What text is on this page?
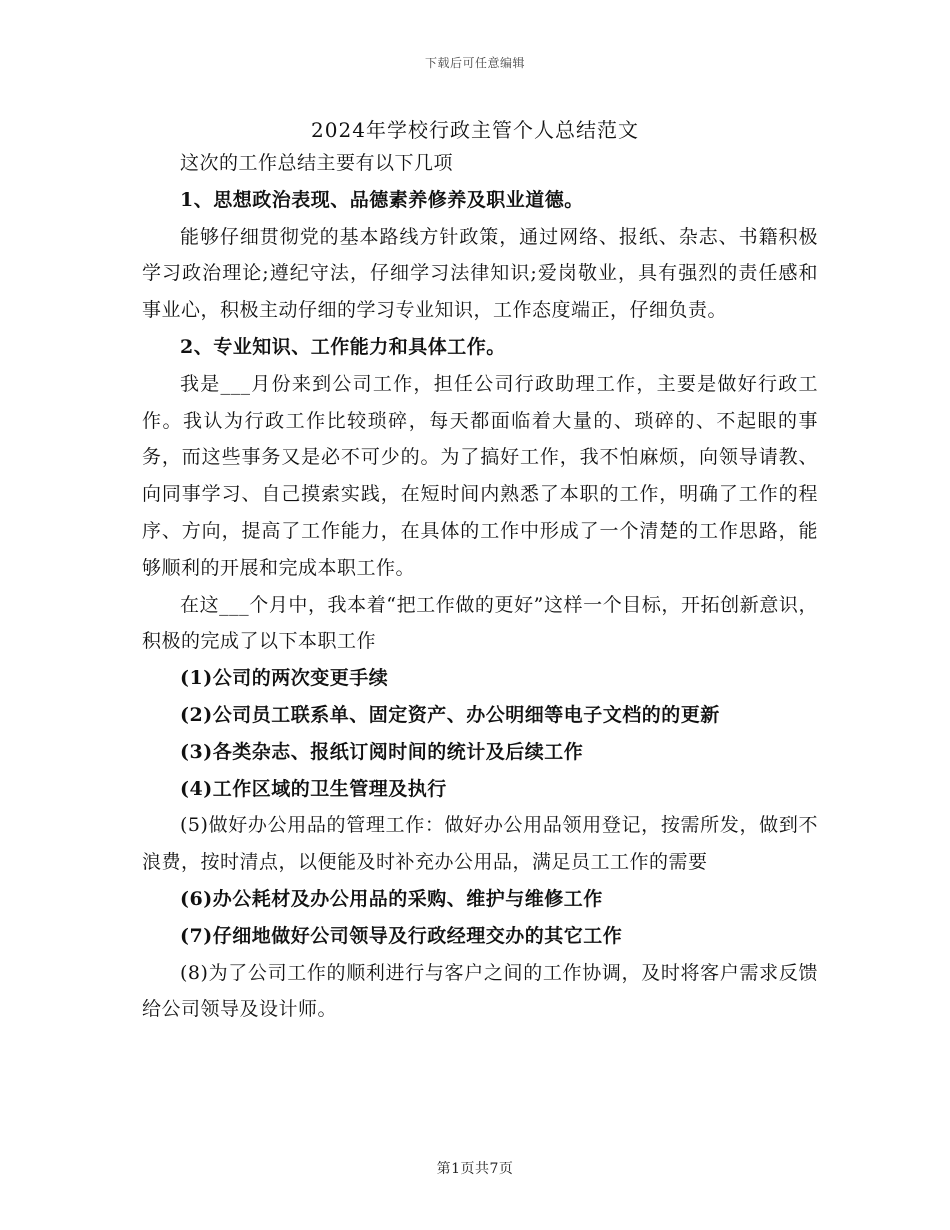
下载后可任意编辑
2024年学校行政主管个人总结范文

这次的工作总结主要有以下几项

1、思想政治表现、品德素养修养及职业道德。

能够仔细贯彻党的基本路线方针政策，通过网络、报纸、杂志、书籍积极学习政治理论;遵纪守法，仔细学习法律知识;爱岗敬业，具有强烈的责任感和事业心，积极主动仔细的学习专业知识，工作态度端正，仔细负责。

2、专业知识、工作能力和具体工作。

我是___月份来到公司工作，担任公司行政助理工作，主要是做好行政工作。我认为行政工作比较琐碎，每天都面临着大量的、琐碎的、不起眼的事务，而这些事务又是必不可少的。为了搞好工作，我不怕麻烦，向领导请教、向同事学习、自己摸索实践，在短时间内熟悉了本职的工作，明确了工作的程序、方向，提高了工作能力，在具体的工作中形成了一个清楚的工作思路，能够顺利的开展和完成本职工作。

在这___个月中，我本着“把工作做的更好”这样一个目标，开拓创新意识，积极的完成了以下本职工作

(1)公司的两次变更手续

(2)公司员工联系单、固定资产、办公明细等电子文档的的更新

(3)各类杂志、报纸订阅时间的统计及后续工作

(4)工作区域的卫生管理及执行

(5)做好办公用品的管理工作：做好办公用品领用登记，按需所发，做到不浪费，按时清点，以便能及时补充办公用品，满足员工工作的需要

(6)办公耗材及办公用品的采购、维护与维修工作

(7)仔细地做好公司领导及行政经理交办的其它工作

(8)为了公司工作的顺利进行与客户之间的工作协调，及时将客户需求反馈给公司领导及设计师。

第1页共7页
